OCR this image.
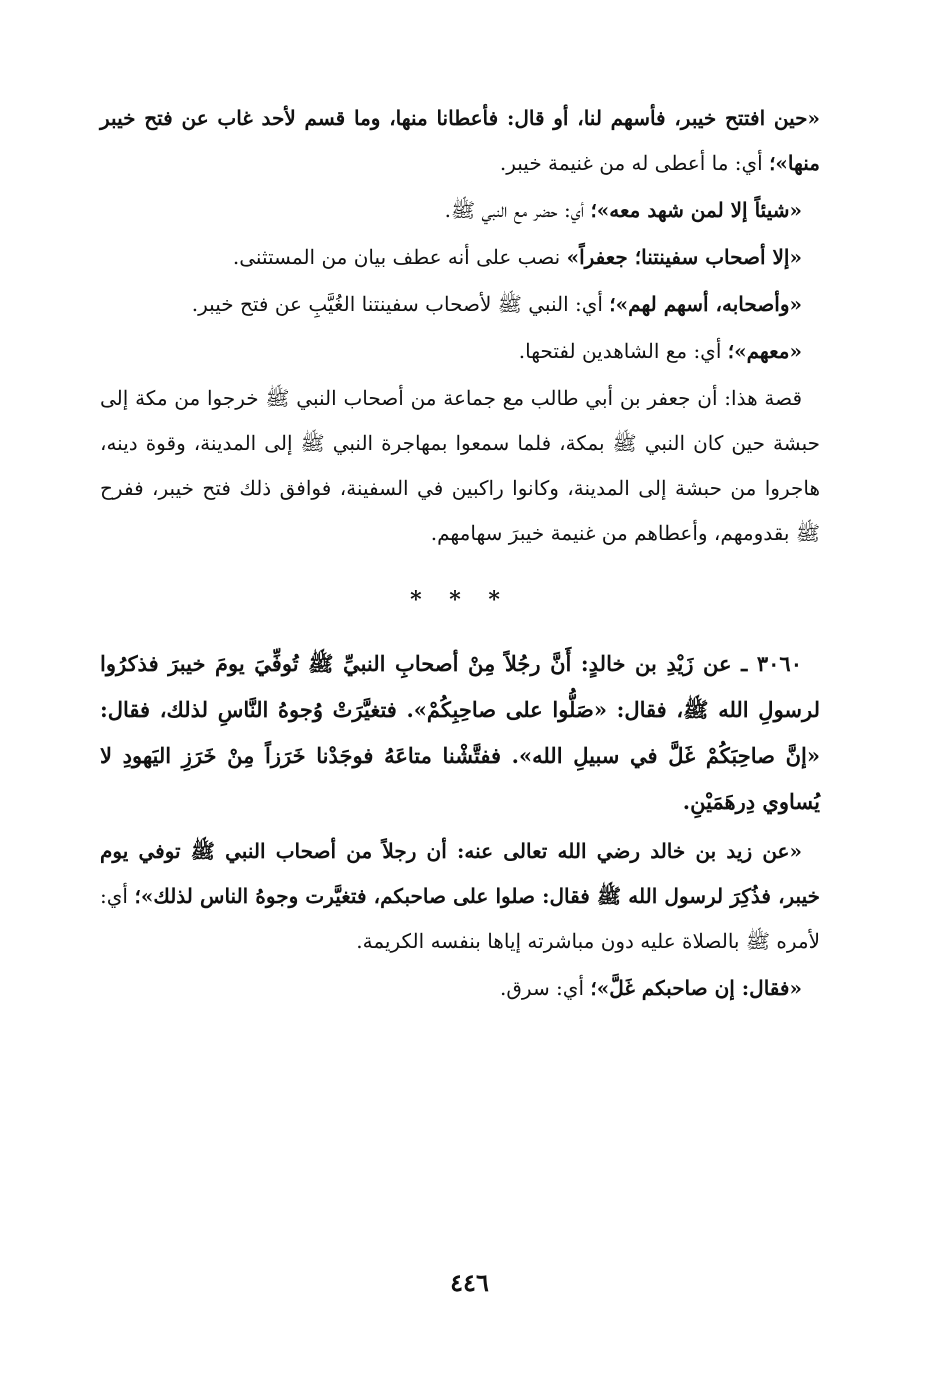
«حين افتتح خيبر، فأسهم لنا، أو قال: فأعطانا منها، وما قسم لأحد غاب عن فتح خيبر منها»؛ أي: ما أعطى له من غنيمة خيبر.

«شيئاً إلا لمن شهد معه»؛ أي: حضر مع النبي ﷺ.

«إلا أصحاب سفينتنا؛ جعفراً» نصب على أنه عطف بيان من المستثنى.

«وأصحابه، أسهم لهم»؛ أي: النبي ﷺ لأصحاب سفينتنا الغُيَّبِ عن فتح خيبر.

«معهم»؛ أي: مع الشاهدين لفتحها.

قصة هذا: أن جعفر بن أبي طالب مع جماعة من أصحاب النبي ﷺ خرجوا من مكة إلى حبشة حين كان النبي ﷺ بمكة، فلما سمعوا بمهاجرة النبي ﷺ إلى المدينة، وقوة دينه، هاجروا من حبشة إلى المدينة، وكانوا راكبين في السفينة، فوافق ذلك فتح خيبر، ففرح ﷺ بقدومهم، وأعطاهم من غنيمة خيبرَ سهامهم.

* * *

٣٠٦٠ ـ عن زَيْدِ بن خالدٍ: أَنَّ رجُلاً مِنْ أصحابِ النبيِّ ﷺ تُوفِّيَ يومَ خيبرَ فذكرُوا لرسولِ الله ﷺ، فقال: «صَلُّوا على صاحِبِكُمْ». فتغيَّرَتْ وُجوهُ النَّاسِ لذلك، فقال: «إنَّ صاحِبَكُمْ غَلَّ في سبيلِ الله». ففتَّشْنا متاعَهُ فوجَدْنا خَرَزاً مِنْ خَرَزِ اليَهودِ لا يُساوي دِرهَمَيْنِ.

«عن زيد بن خالد رضي الله تعالى عنه: أن رجلاً من أصحاب النبي ﷺ توفي يوم خيبر، فذُكِرَ لرسول الله ﷺ فقال: صلوا على صاحبكم، فتغيَّرت وجوهُ الناس لذلك»؛ أي: لأمره ﷺ بالصلاة عليه دون مباشرته إياها بنفسه الكريمة.

«فقال: إن صاحبكم غَلَّ»؛ أي: سرق.

٤٤٦
